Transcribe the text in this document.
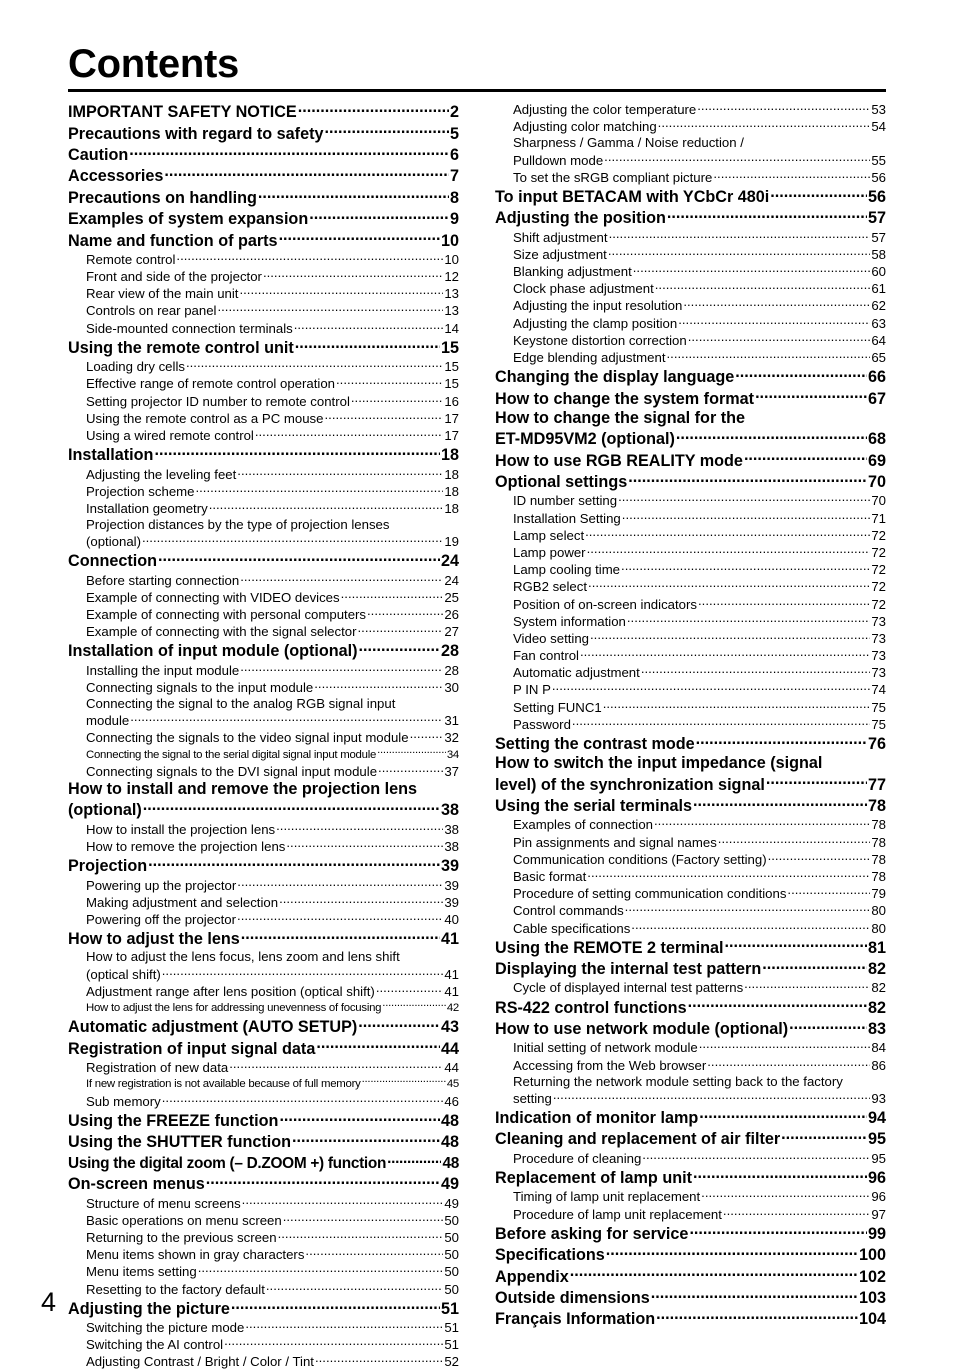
Contents
IMPORTANT SAFETY NOTICE .....	2
Precautions with regard to safety .....	5
Caution .....	6
Accessories .....	7
Precautions on handling .....	8
Examples of system expansion .....	9
Name and function of parts .....	10
Remote control .....	10
Front and side of the projector .....	12
Rear view of the main unit .....	13
Controls on rear panel .....	13
Side-mounted connection terminals .....	14
Using the remote control unit .....	15
Loading dry cells .....	15
Effective range of remote control operation .....	15
Setting projector ID number to remote control .....	16
Using the remote control as a PC mouse .....	17
Using a wired remote control .....	17
Installation .....	18
Adjusting the leveling feet .....	18
Projection scheme .....	18
Installation geometry .....	18
Projection distances by the type of projection lenses
(optional) .....	19
Connection .....	24
Before starting connection .....	24
Example of connecting with VIDEO devices .....	25
Example of connecting with personal computers .....	26
Example of connecting with the signal selector .....	27
Installation of input module (optional) .....	28
Installing the input module .....	28
Connecting signals to the input module .....	30
Connecting the signal to the analog RGB signal input
module .....	31
Connecting the signals to the video signal input module .....	32
Connecting the signal to the serial digital signal input module .....	34
Connecting signals to the DVI signal input module .....	37
How to install and remove the projection lens
(optional) .....	38
How to install the projection lens .....	38
How to remove the projection lens .....	38
Projection .....	39
Powering up the projector .....	39
Making adjustment and selection .....	39
Powering off the projector .....	40
How to adjust the lens .....	41
How to adjust the lens focus, lens zoom and lens shift
(optical shift) .....	41
Adjustment range after lens position (optical shift) .....	41
How to adjust the lens for addressing unevenness of focusing .....	42
Automatic adjustment (AUTO SETUP) .....	43
Registration of input signal data .....	44
Registration of new data .....	44
If new registration is not available because of full memory .....	45
Sub memory .....	46
Using the FREEZE function .....	48
Using the SHUTTER function .....	48
Using the digital zoom (– D.ZOOM +) function .....	48
On-screen menus .....	49
Structure of menu screens .....	49
Basic operations on menu screen .....	50
Returning to the previous screen .....	50
Menu items shown in gray characters .....	50
Menu items setting .....	50
Resetting to the factory default .....	50
Adjusting the picture .....	51
Switching the picture mode .....	51
Switching the AI control .....	51
Adjusting Contrast / Bright / Color / Tint .....	52
Adjusting the color temperature .....	53
Adjusting color matching .....	54
Sharpness / Gamma / Noise reduction /
Pulldown mode .....	55
To set the sRGB compliant picture .....	56
To input BETACAM with YCbCr 480i .....	56
Adjusting the position .....	57
Shift adjustment .....	57
Size adjustment .....	58
Blanking adjustment .....	60
Clock phase adjustment .....	61
Adjusting the input resolution .....	62
Adjusting the clamp position .....	63
Keystone distortion correction .....	64
Edge blending adjustment .....	65
Changing the display language .....	66
How to change the system format .....	67
How to change the signal for the
ET-MD95VM2 (optional) .....	68
How to use RGB REALITY mode .....	69
Optional settings .....	70
ID number setting .....	70
Installation Setting .....	71
Lamp select .....	72
Lamp power .....	72
Lamp cooling time .....	72
RGB2 select .....	72
Position of on-screen indicators .....	72
System information .....	73
Video setting .....	73
Fan control .....	73
Automatic adjustment .....	73
P IN P .....	74
Setting FUNC1 .....	75
Password .....	75
Setting the contrast mode .....	76
How to switch the input impedance (signal
level) of the synchronization signal .....	77
Using the serial terminals .....	78
Examples of connection .....	78
Pin assignments and signal names .....	78
Communication conditions (Factory setting) .....	78
Basic format .....	78
Procedure of setting communication conditions .....	79
Control commands .....	80
Cable specifications .....	80
Using the REMOTE 2 terminal .....	81
Displaying the internal test pattern .....	82
Cycle of displayed internal test patterns .....	82
RS-422 control functions .....	82
How to use network module (optional) .....	83
Initial setting of network module .....	84
Accessing from the Web browser .....	86
Returning the network module setting back to the factory
setting .....	93
Indication of monitor lamp .....	94
Cleaning and replacement of air filter .....	95
Procedure of cleaning .....	95
Replacement of lamp unit .....	96
Timing of lamp unit replacement .....	96
Procedure of lamp unit replacement .....	97
Before asking for service .....	99
Specifications .....	100
Appendix .....	102
Outside dimensions .....	103
Français Information .....	104

4
